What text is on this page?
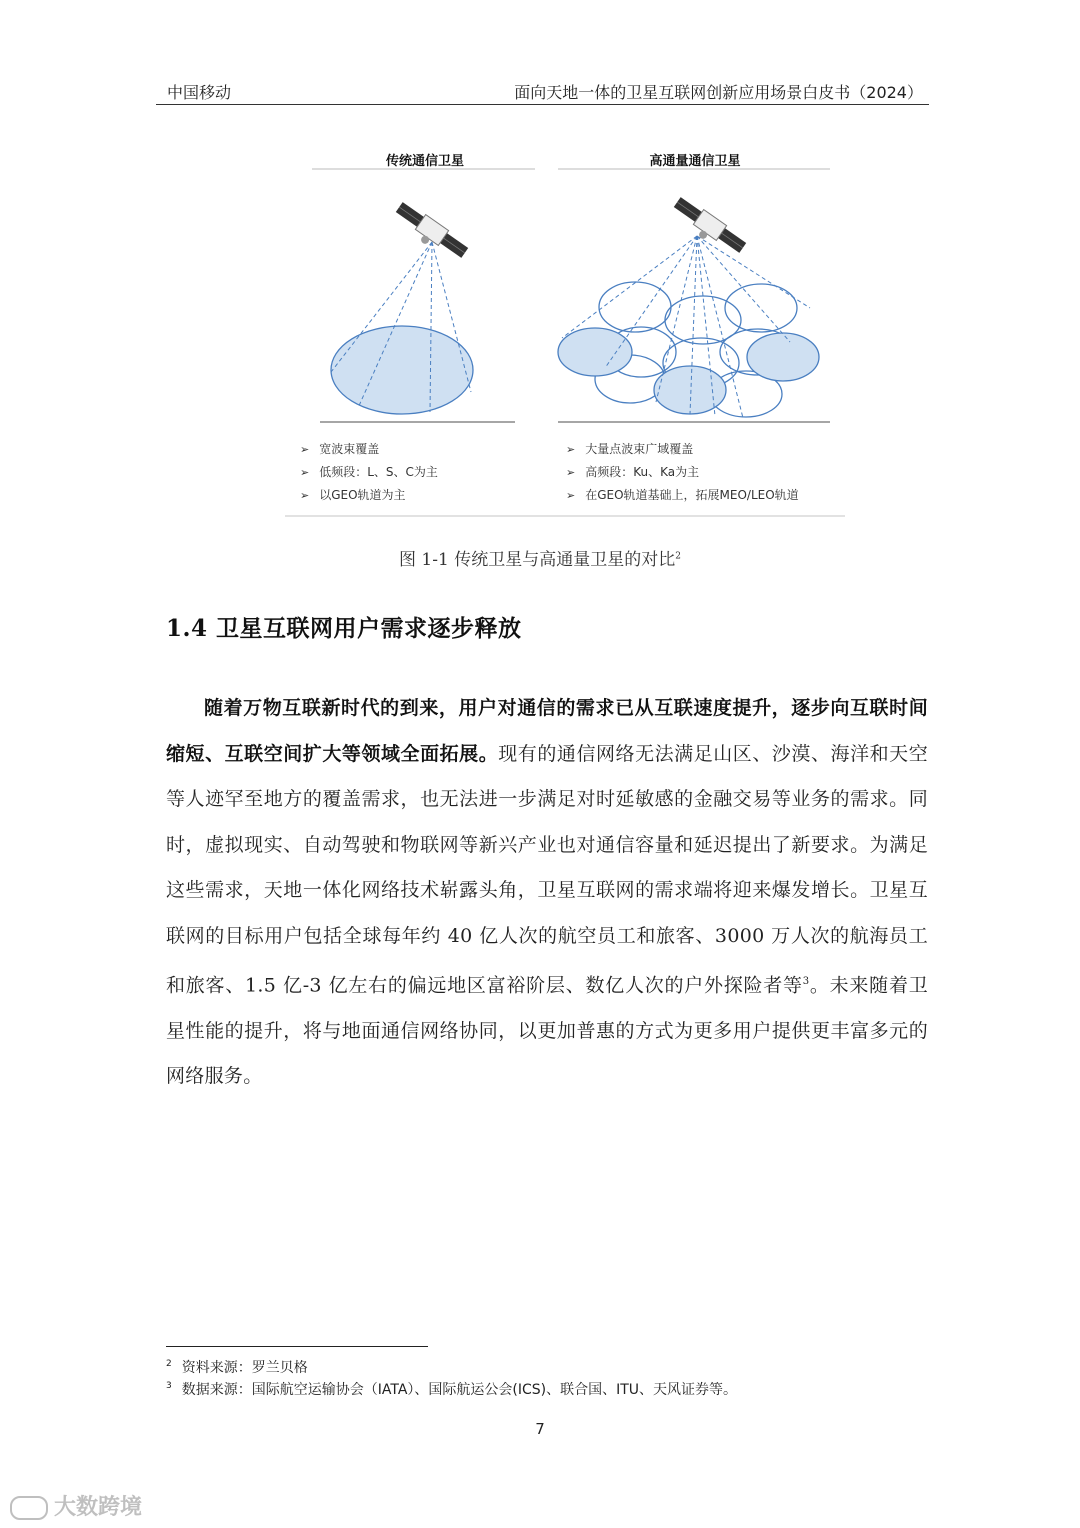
中国移动	面向天地一体的卫星互联网创新应用场景白皮书（2024）
传统通信卫星	高通量通信卫星
➢ 宽波束覆盖
➢ 低频段：L、S、C为主
➢ 以GEO轨道为主
➢ 大量点波束广域覆盖
➢ 高频段：Ku、Ka为主
➢ 在GEO轨道基础上，拓展MEO/LEO轨道
图 1-1 传统卫星与高通量卫星的对比$^2$
1.4 卫星互联网用户需求逐步释放
随着万物互联新时代的到来，用户对通信的需求已从互联速度提升，逐步向互联时间缩短、互联空间扩大等领域全面拓展。现有的通信网络无法满足山区、沙漠、海洋和天空等人迹罕至地方的覆盖需求，也无法进一步满足对时延敏感的金融交易等业务的需求。同时，虚拟现实、自动驾驶和物联网等新兴产业也对通信容量和延迟提出了新要求。为满足这些需求，天地一体化网络技术崭露头角，卫星互联网的需求端将迎来爆发增长。卫星互联网的目标用户包括全球每年约 40 亿人次的航空员工和旅客、3000 万人次的航海员工和旅客、1.5 亿-3 亿左右的偏远地区富裕阶层、数亿人次的户外探险者等$^3$。未来随着卫星性能的提升，将与地面通信网络协同，以更加普惠的方式为更多用户提供更丰富多元的网络服务。
$^2$ 资料来源：罗兰贝格
$^3$ 数据来源：国际航空运输协会（IATA）、国际航运公会(ICS)、联合国、ITU、天风证券等。
7
大数跨境
